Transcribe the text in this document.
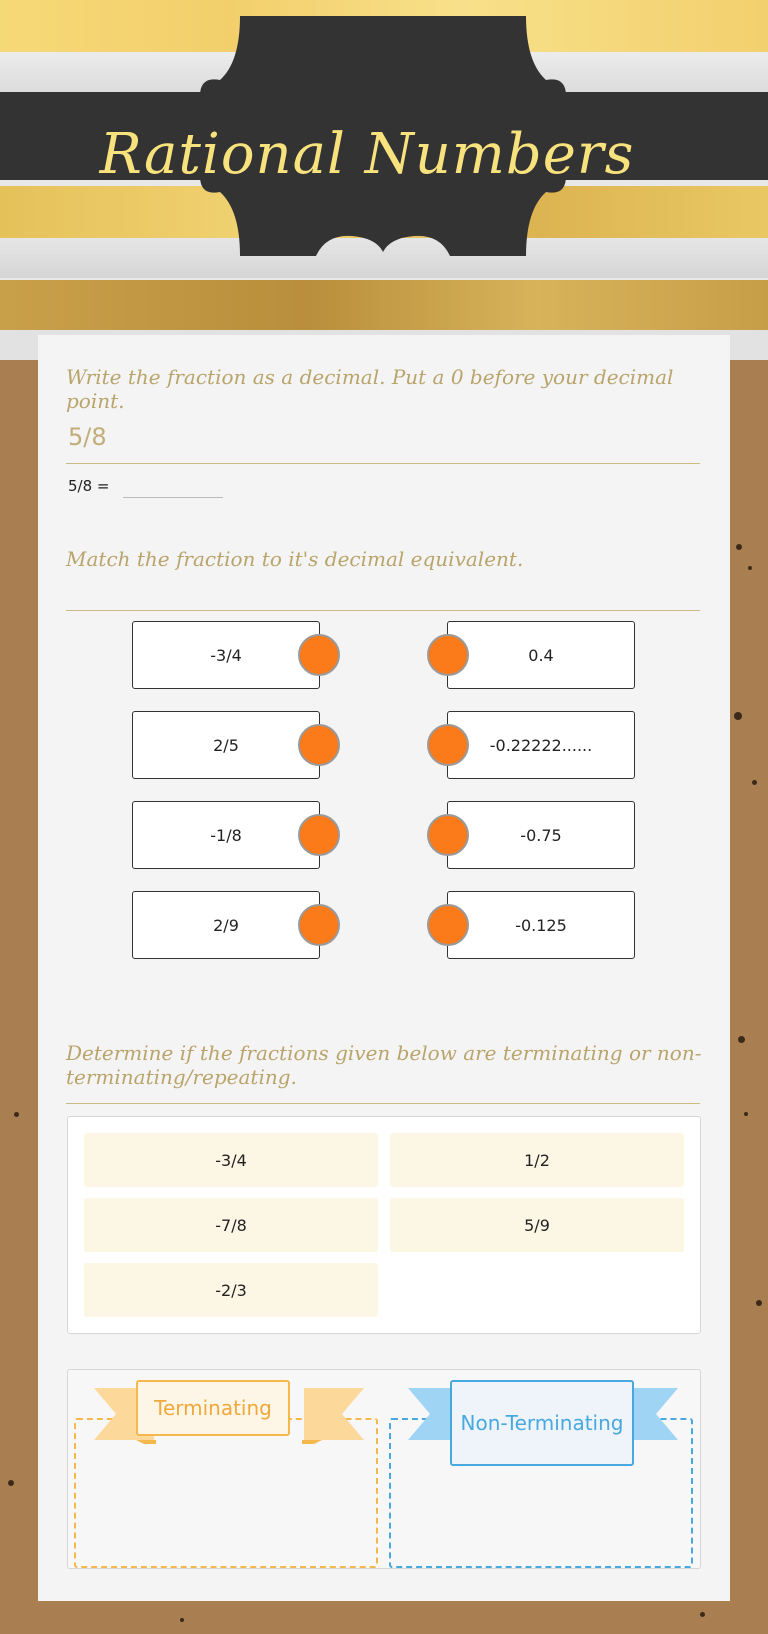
Rational Numbers
Write the fraction as a decimal. Put a 0 before your decimal point.
5/8
5/8 =
Match the fraction to it's decimal equivalent.
-3/4
2/5
-1/8
2/9
0.4
-0.22222......
-0.75
-0.125
Determine if the fractions given below are terminating or non-terminating/repeating.
-3/4	1/2
-7/8	5/9
-2/3
Terminating
Non-Terminating
